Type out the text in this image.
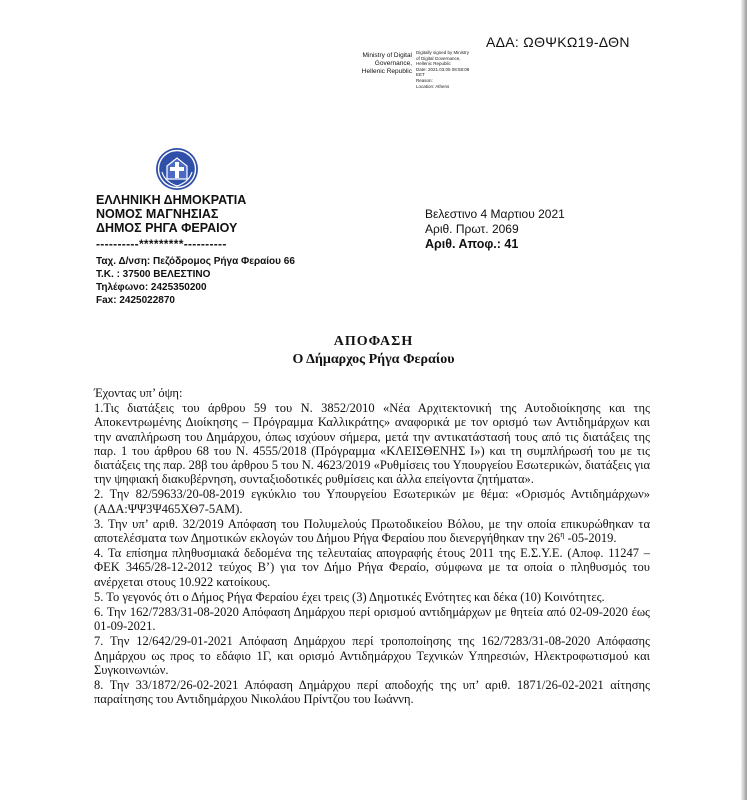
ΑΔΑ: ΩΘΨΚΩ19-ΔΘΝ
Ministry of Digital
Governance,
Hellenic Republic
Digitally signed by Ministry
of Digital Governance,
Hellenic Republic
Date: 2021.03.05 08:58:08
EET
Reason:
Location: Athens
ΕΛΛΗΝΙΚΗ ΔΗΜΟΚΡΑΤΙΑ
ΝΟΜΟΣ ΜΑΓΝΗΣΙΑΣ
ΔΗΜΟΣ ΡΗΓΑ ΦΕΡΑΙΟΥ
----------*********----------
Ταχ. Δ/νση: Πεζόδρομος Ρήγα Φεραίου 66
Τ.Κ. : 37500 ΒΕΛΕΣΤΙΝΟ
Τηλέφωνο: 2425350200
Fax: 2425022870
Βελεστινο 4 Μαρτιου 2021
Αριθ. Πρωτ. 2069
Αριθ. Αποφ.: 41
ΑΠΟΦΑΣΗ
Ο Δήμαρχος Ρήγα Φεραίου

Έχοντας υπ’ όψη:

1.Τις διατάξεις του άρθρου 59 του Ν. 3852/2010 «Νέα Αρχιτεκτονική της Αυτοδιοίκησης και της Αποκεντρωμένης Διοίκησης – Πρόγραμμα Καλλικράτης» αναφορικά με τον ορισμό των Αντιδημάρχων και την αναπλήρωση του Δημάρχου, όπως ισχύουν σήμερα, μετά την αντικατάστασή τους από τις διατάξεις της παρ. 1 του άρθρου 68 του Ν. 4555/2018 (Πρόγραμμα «ΚΛΕΙΣΘΕΝΗΣ Ι») και τη συμπλήρωσή του με τις διατάξεις της παρ. 28β του άρθρου 5 του Ν. 4623/2019 «Ρυθμίσεις του Υπουργείου Εσωτερικών, διατάξεις για την ψηφιακή διακυβέρνηση, συνταξιοδοτικές ρυθμίσεις και άλλα επείγοντα ζητήματα».

2. Την 82/59633/20-08-2019 εγκύκλιο του Υπουργείου Εσωτερικών με θέμα: «Ορισμός Αντιδημάρχων» (ΑΔΑ:ΨΨ3Ψ465ΧΘ7-5ΑΜ).

3. Την υπ’ αριθ. 32/2019 Απόφαση του Πολυμελούς Πρωτοδικείου Βόλου, με την οποία επικυρώθηκαν τα αποτελέσματα των Δημοτικών εκλογών του Δήμου Ρήγα Φεραίου που διενεργήθηκαν την $26^\eta$ -05-2019.

4. Τα επίσημα πληθυσμιακά δεδομένα της τελευταίας απογραφής έτους 2011 της Ε.Σ.Υ.Ε. (Αποφ. 11247 – ΦΕΚ 3465/28-12-2012 τεύχος Β’) για τον Δήμο Ρήγα Φεραίο, σύμφωνα με τα οποία ο πληθυσμός του ανέρχεται στους 10.922 κατοίκους.

5. Το γεγονός ότι ο Δήμος Ρήγα Φεραίου έχει τρεις (3) Δημοτικές Ενότητες και δέκα (10) Κοινότητες.

6. Την 162/7283/31-08-2020 Απόφαση Δημάρχου περί ορισμού αντιδημάρχων με θητεία από 02-09-2020 έως 01-09-2021.

7. Την 12/642/29-01-2021 Απόφαση Δημάρχου περί τροποποίησης της 162/7283/31-08-2020 Απόφασης Δημάρχου ως προς το εδάφιο 1Γ, και ορισμό Αντιδημάρχου Τεχνικών Υπηρεσιών, Ηλεκτροφωτισμού και Συγκοινωνιών.

8. Την 33/1872/26-02-2021 Απόφαση Δημάρχου περί αποδοχής της υπ’ αριθ. 1871/26-02-2021 αίτησης παραίτησης του Αντιδημάρχου Νικολάου Πρίντζου του Ιωάννη.
